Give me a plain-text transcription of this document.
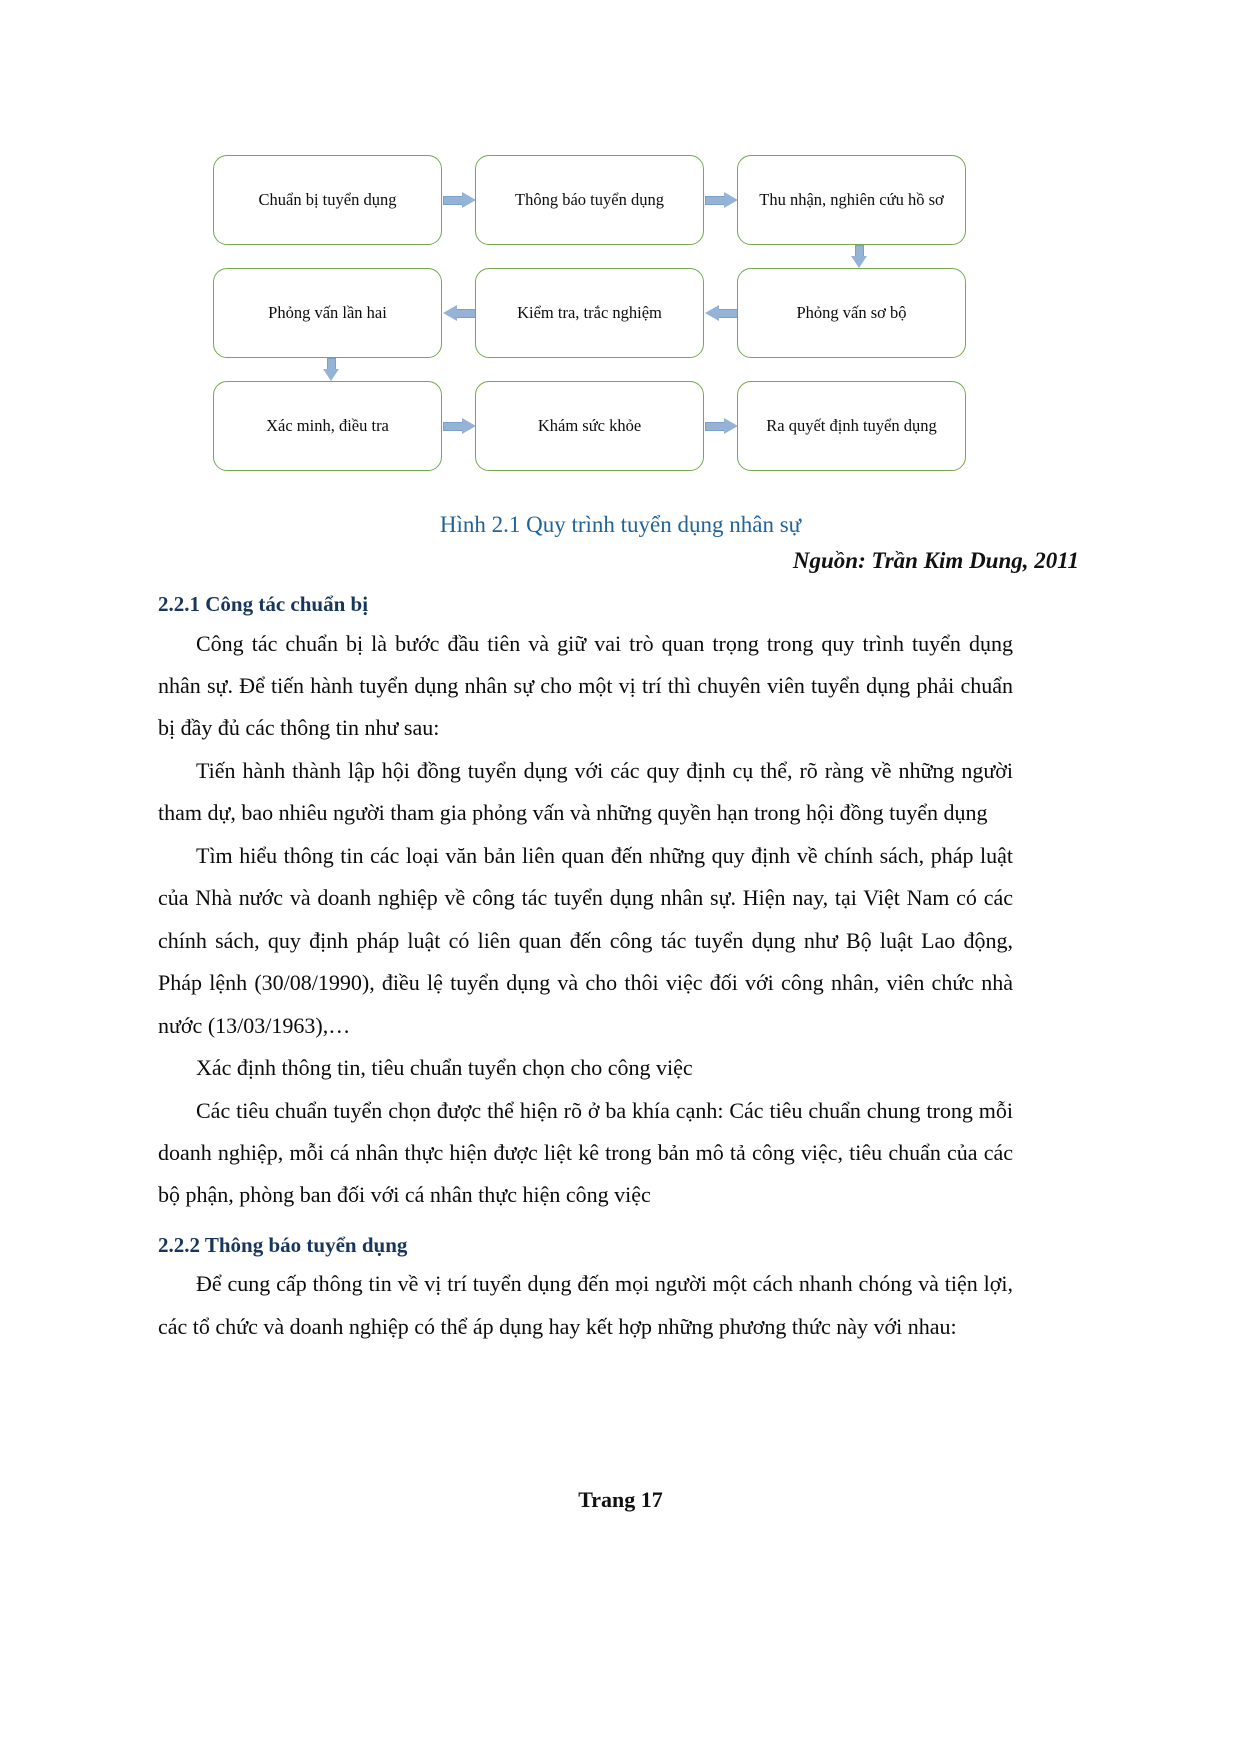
Chuẩn bị tuyển dụng	Thông báo tuyển dụng	Thu nhận, nghiên cứu hồ sơ
Phỏng vấn lần hai	Kiểm tra, trắc nghiệm	Phỏng vấn sơ bộ
Xác minh, điều tra	Khám sức khỏe	Ra quyết định tuyển dụng
Hình 2.1 Quy trình tuyển dụng nhân sự
Nguồn: Trần Kim Dung, 2011
2.2.1 Công tác chuẩn bị

Công tác chuẩn bị là bước đầu tiên và giữ vai trò quan trọng trong quy trình tuyển dụng nhân sự. Để tiến hành tuyển dụng nhân sự cho một vị trí thì chuyên viên tuyển dụng phải chuẩn bị đầy đủ các thông tin như sau:

Tiến hành thành lập hội đồng tuyển dụng với các quy định cụ thể, rõ ràng về những người tham dự, bao nhiêu người tham gia phỏng vấn và những quyền hạn trong hội đồng tuyển dụng

Tìm hiểu thông tin các loại văn bản liên quan đến những quy định về chính sách, pháp luật của Nhà nước và doanh nghiệp về công tác tuyển dụng nhân sự. Hiện nay, tại Việt Nam có các chính sách, quy định pháp luật có liên quan đến công tác tuyển dụng như Bộ luật Lao động, Pháp lệnh (30/08/1990), điều lệ tuyển dụng và cho thôi việc đối với công nhân, viên chức nhà nước (13/03/1963),…

Xác định thông tin, tiêu chuẩn tuyển chọn cho công việc

Các tiêu chuẩn tuyển chọn được thể hiện rõ ở ba khía cạnh: Các tiêu chuẩn chung trong mỗi doanh nghiệp, mỗi cá nhân thực hiện được liệt kê trong bản mô tả công việc, tiêu chuẩn của các bộ phận, phòng ban đối với cá nhân thực hiện công việc

2.2.2 Thông báo tuyển dụng

Để cung cấp thông tin về vị trí tuyển dụng đến mọi người một cách nhanh chóng và tiện lợi, các tổ chức và doanh nghiệp có thể áp dụng hay kết hợp những phương thức này với nhau:

Trang 17
